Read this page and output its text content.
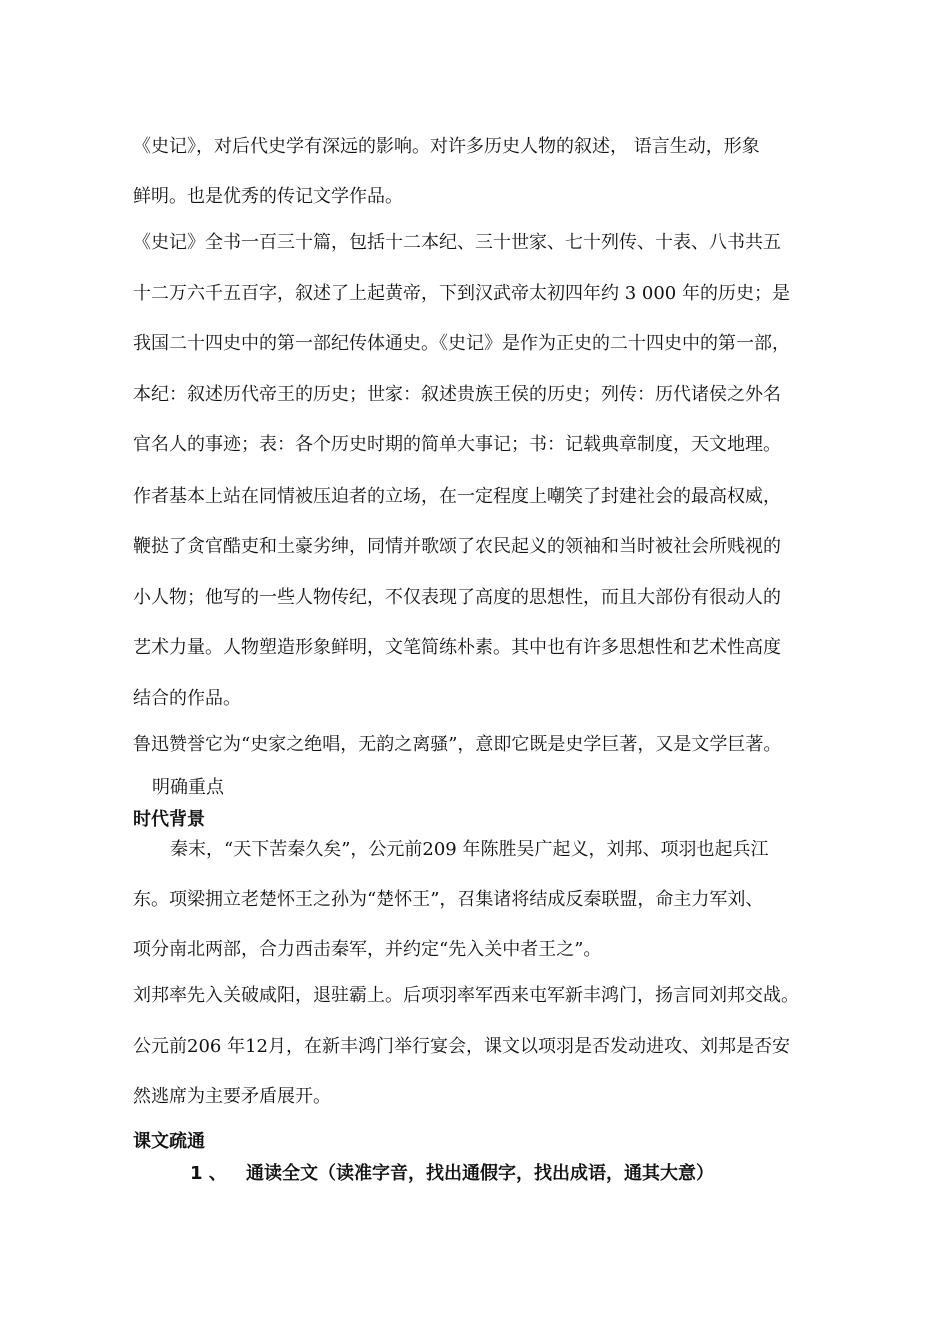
《史记》，对后代史学有深远的影响。对许多历史人物的叙述， 语言生动，形象
鲜明。也是优秀的传记文学作品。
《史记》全书一百三十篇，包括十二本纪、三十世家、七十列传、十表、八书共五
十二万六千五百字，叙述了上起黄帝，下到汉武帝太初四年约 3 000 年的历史；是
我国二十四史中的第一部纪传体通史。《史记》是作为正史的二十四史中的第一部，
本纪：叙述历代帝王的历史；世家：叙述贵族王侯的历史；列传：历代诸侯之外名
官名人的事迹；表：各个历史时期的简单大事记；书：记载典章制度，天文地理。
作者基本上站在同情被压迫者的立场，在一定程度上嘲笑了封建社会的最高权威，
鞭挞了贪官酷吏和土豪劣绅，同情并歌颂了农民起义的领袖和当时被社会所贱视的
小人物；他写的一些人物传纪，不仅表现了高度的思想性，而且大部份有很动人的
艺术力量。人物塑造形象鲜明，文笔简练朴素。其中也有许多思想性和艺术性高度
结合的作品。
鲁迅赞誉它为“史家之绝唱，无韵之离骚”，意即它既是史学巨著，又是文学巨著。
明确重点
时代背景
秦末，“天下苦秦久矣”，公元前209 年陈胜吴广起义，刘邦、项羽也起兵江
东。项梁拥立老楚怀王之孙为“楚怀王”，召集诸将结成反秦联盟，命主力军刘、
项分南北两部，合力西击秦军，并约定“先入关中者王之”。
刘邦率先入关破咸阳，退驻霸上。后项羽率军西来屯军新丰鸿门，扬言同刘邦交战。
公元前206 年12月，在新丰鸿门举行宴会，课文以项羽是否发动进攻、刘邦是否安
然逃席为主要矛盾展开。
课文疏通
1 、 通读全文（读准字音，找出通假字，找出成语，通其大意）
